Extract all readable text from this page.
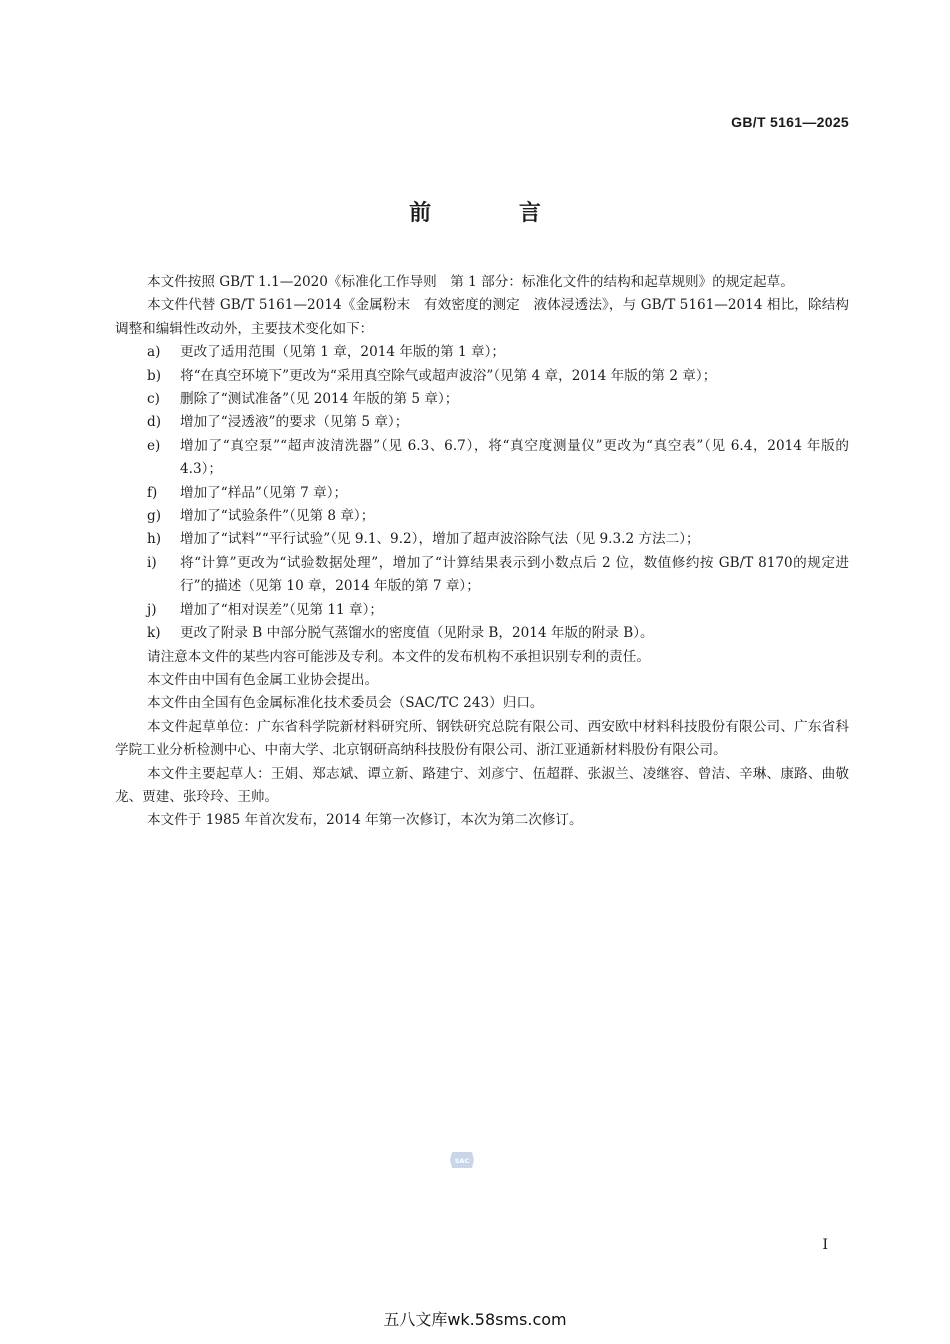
GB/T 5161—2025
前 言

本文件按照 GB/T 1.1—2020《标准化工作导则　第 1 部分：标准化文件的结构和起草规则》的规定起草。

本文件代替 GB/T 5161—2014《金属粉末　有效密度的测定　液体浸透法》，与 GB/T 5161—2014 相比，除结构调整和编辑性改动外，主要技术变化如下：

a)	更改了适用范围（见第 1 章，2014 年版的第 1 章）；
b)	将“在真空环境下”更改为“采用真空除气或超声波浴”（见第 4 章，2014 年版的第 2 章）；
c)	删除了“测试准备”（见 2014 年版的第 5 章）；
d)	增加了“浸透液”的要求（见第 5 章）；
e)	增加了“真空泵”“超声波清洗器”（见 6.3、6.7），将“真空度测量仪”更改为“真空表”（见 6.4，2014 年版的 4.3）；
f)	增加了“样品”（见第 7 章）；
g)	增加了“试验条件”（见第 8 章）；
h)	增加了“试料”“平行试验”（见 9.1、9.2），增加了超声波浴除气法（见 9.3.2 方法二）；
i)	将“计算”更改为“试验数据处理”，增加了“计算结果表示到小数点后 2 位，数值修约按 GB/T 8170的规定进行”的描述（见第 10 章，2014 年版的第 7 章）；
j)	增加了“相对误差”（见第 11 章）；
k)	更改了附录 B 中部分脱气蒸馏水的密度值（见附录 B，2014 年版的附录 B）。

请注意本文件的某些内容可能涉及专利。本文件的发布机构不承担识别专利的责任。

本文件由中国有色金属工业协会提出。

本文件由全国有色金属标准化技术委员会（SAC/TC 243）归口。

本文件起草单位：广东省科学院新材料研究所、钢铁研究总院有限公司、西安欧中材料科技股份有限公司、广东省科学院工业分析检测中心、中南大学、北京钢研高纳科技股份有限公司、浙江亚通新材料股份有限公司。

本文件主要起草人：王娟、郑志斌、谭立新、路建宁、刘彦宁、伍超群、张淑兰、凌继容、曾洁、辛琳、康路、曲敬龙、贾建、张玲玲、王帅。

本文件于 1985 年首次发布，2014 年第一次修订，本次为第二次修订。

SAC
I
五八文库wk.58sms.com
